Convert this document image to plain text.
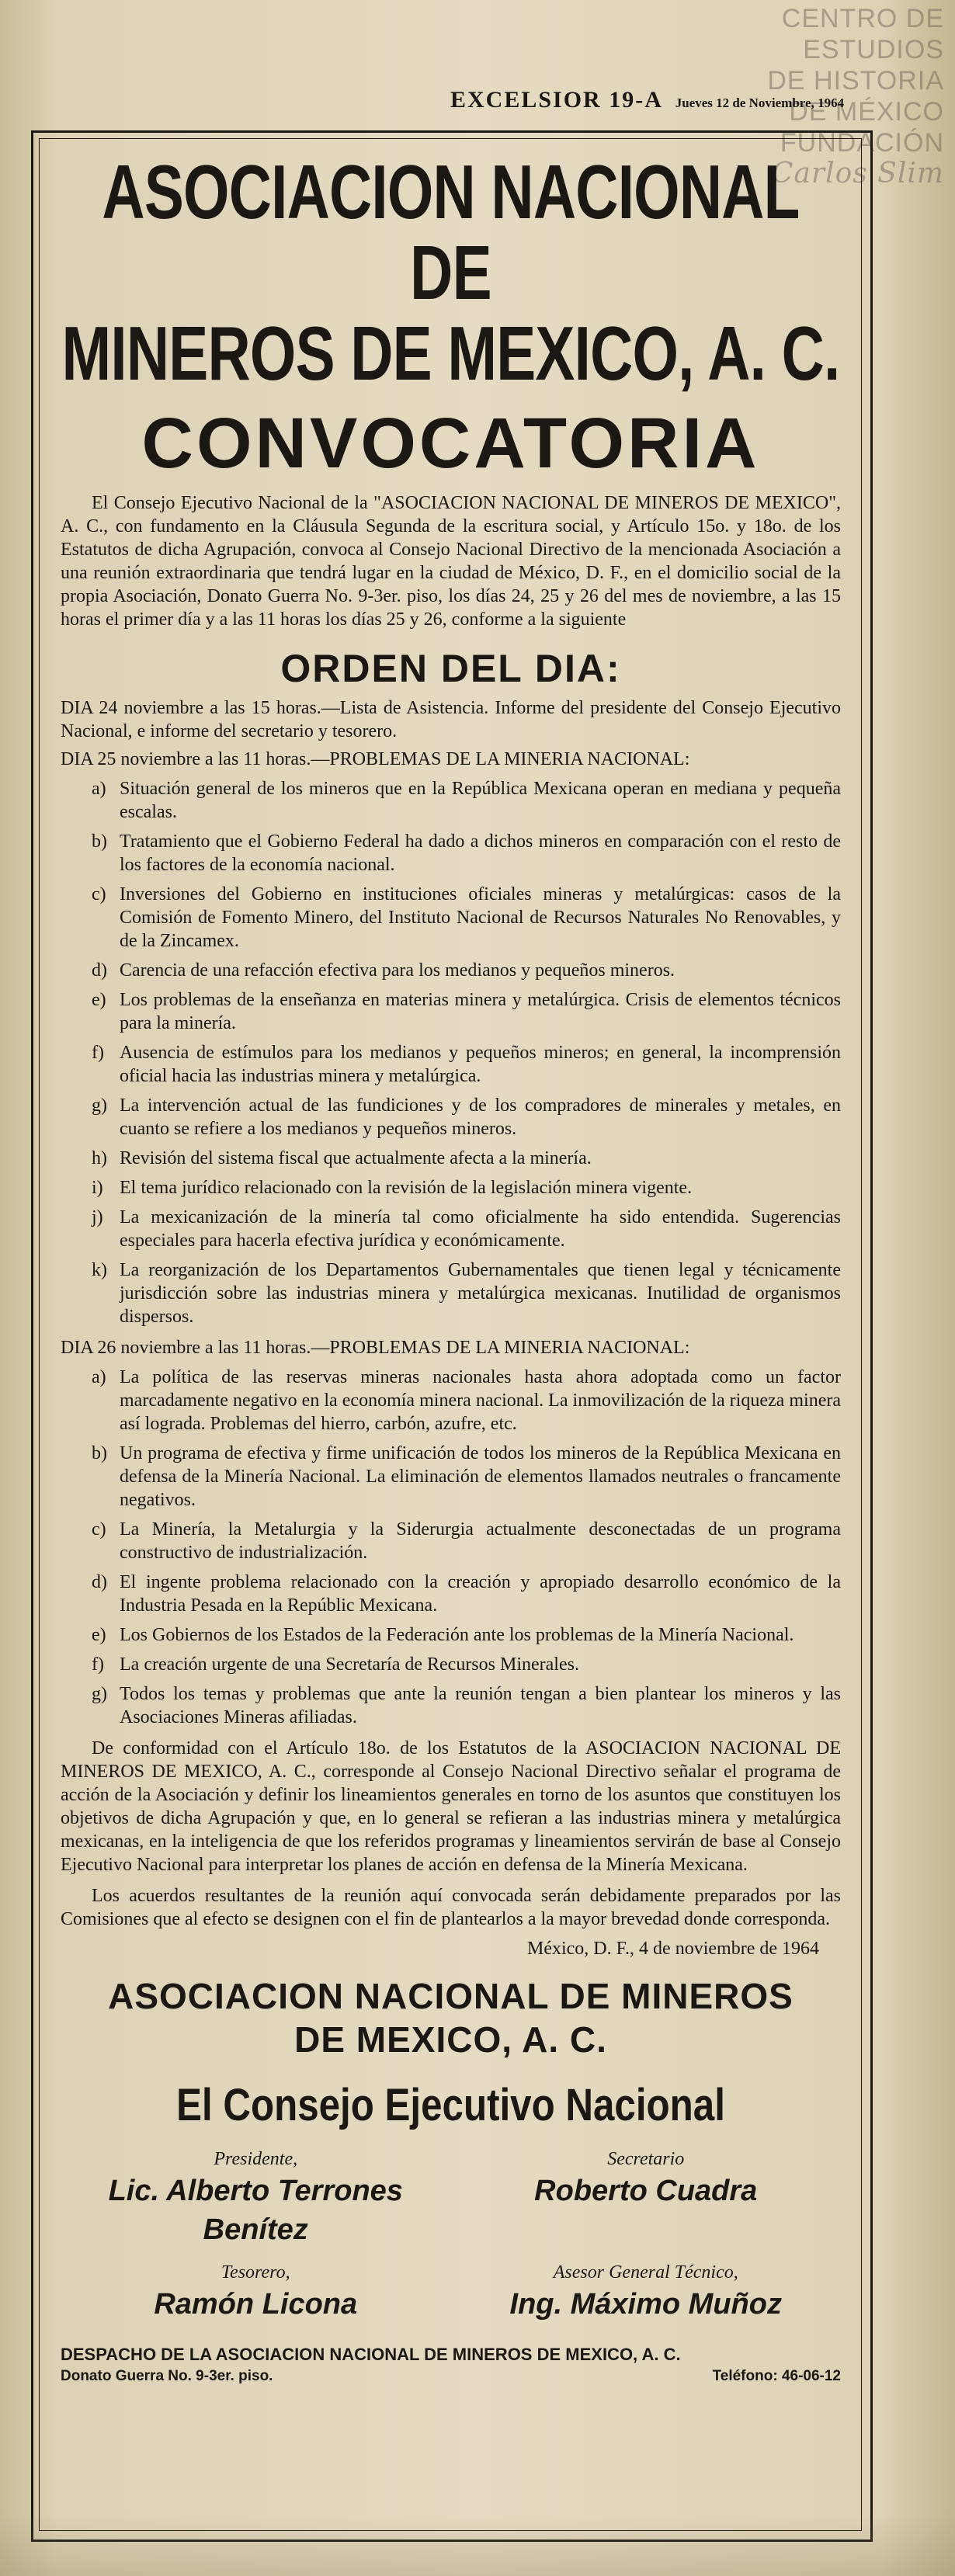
CENTRO DE
ESTUDIOS
DE HISTORIA
DE MÉXICO
FUNDACIÓN
Carlos Slim
EXCELSIOR 19-A Jueves 12 de Noviembre, 1964
ASOCIACION NACIONAL DE
MINEROS DE MEXICO, A. C.
CONVOCATORIA

El Consejo Ejecutivo Nacional de la "ASOCIACION NACIONAL DE MINEROS DE MEXICO", A. C., con fundamento en la Cláusula Segunda de la escritura social, y Artículo 15o. y 18o. de los Estatutos de dicha Agrupación, convoca al Consejo Nacional Directivo de la mencionada Asociación a una reunión extraordinaria que tendrá lugar en la ciudad de México, D. F., en el domicilio social de la propia Asociación, Donato Guerra No. 9-3er. piso, los días 24, 25 y 26 del mes de noviembre, a las 15 horas el primer día y a las 11 horas los días 25 y 26, conforme a la siguiente

ORDEN DEL DIA:

DIA 24 noviembre a las 15 horas.—Lista de Asistencia. Informe del presidente del Consejo Ejecutivo Nacional, e informe del secretario y tesorero.

DIA 25 noviembre a las 11 horas.—PROBLEMAS DE LA MINERIA NACIONAL:

a) Situación general de los mineros que en la República Mexicana operan en mediana y pequeña escalas.
b) Tratamiento que el Gobierno Federal ha dado a dichos mineros en comparación con el resto de los factores de la economía nacional.
c) Inversiones del Gobierno en instituciones oficiales mineras y metalúrgicas: casos de la Comisión de Fomento Minero, del Instituto Nacional de Recursos Naturales No Renovables, y de la Zincamex.
d) Carencia de una refacción efectiva para los medianos y pequeños mineros.
e) Los problemas de la enseñanza en materias minera y metalúrgica. Crisis de elementos técnicos para la minería.
f) Ausencia de estímulos para los medianos y pequeños mineros; en general, la incomprensión oficial hacia las industrias minera y metalúrgica.
g) La intervención actual de las fundiciones y de los compradores de minerales y metales, en cuanto se refiere a los medianos y pequeños mineros.
h) Revisión del sistema fiscal que actualmente afecta a la minería.
i) El tema jurídico relacionado con la revisión de la legislación minera vigente.
j) La mexicanización de la minería tal como oficialmente ha sido entendida. Sugerencias especiales para hacerla efectiva jurídica y económicamente.
k) La reorganización de los Departamentos Gubernamentales que tienen legal y técnicamente jurisdicción sobre las industrias minera y metalúrgica mexicanas. Inutilidad de organismos dispersos.

DIA 26 noviembre a las 11 horas.—PROBLEMAS DE LA MINERIA NACIONAL:

a) La política de las reservas mineras nacionales hasta ahora adoptada como un factor marcadamente negativo en la economía minera nacional. La inmovilización de la riqueza minera así lograda. Problemas del hierro, carbón, azufre, etc.
b) Un programa de efectiva y firme unificación de todos los mineros de la República Mexicana en defensa de la Minería Nacional. La eliminación de elementos llamados neutrales o francamente negativos.
c) La Minería, la Metalurgia y la Siderurgia actualmente desconectadas de un programa constructivo de industrialización.
d) El ingente problema relacionado con la creación y apropiado desarrollo económico de la Industria Pesada en la Repúblic Mexicana.
e) Los Gobiernos de los Estados de la Federación ante los problemas de la Minería Nacional.
f) La creación urgente de una Secretaría de Recursos Minerales.
g) Todos los temas y problemas que ante la reunión tengan a bien plantear los mineros y las Asociaciones Mineras afiliadas.

De conformidad con el Artículo 18o. de los Estatutos de la ASOCIACION NACIONAL DE MINEROS DE MEXICO, A. C., corresponde al Consejo Nacional Directivo señalar el programa de acción de la Asociación y definir los lineamientos generales en torno de los asuntos que constituyen los objetivos de dicha Agrupación y que, en lo general se refieran a las industrias minera y metalúrgica mexicanas, en la inteligencia de que los referidos programas y lineamientos servirán de base al Consejo Ejecutivo Nacional para interpretar los planes de acción en defensa de la Minería Mexicana.

Los acuerdos resultantes de la reunión aquí convocada serán debidamente preparados por las Comisiones que al efecto se designen con el fin de plantearlos a la mayor brevedad donde corresponda.

México, D. F., 4 de noviembre de 1964
ASOCIACION NACIONAL DE MINEROS
DE MEXICO, A. C.
El Consejo Ejecutivo Nacional
Presidente,
Lic. Alberto Terrones Benítez
Secretario
Roberto Cuadra
Tesorero,
Ramón Licona
Asesor General Técnico,
Ing. Máximo Muñoz
DESPACHO DE LA ASOCIACION NACIONAL DE MINEROS DE MEXICO, A. C.
Donato Guerra No. 9-3er. piso.	Teléfono: 46-06-12
